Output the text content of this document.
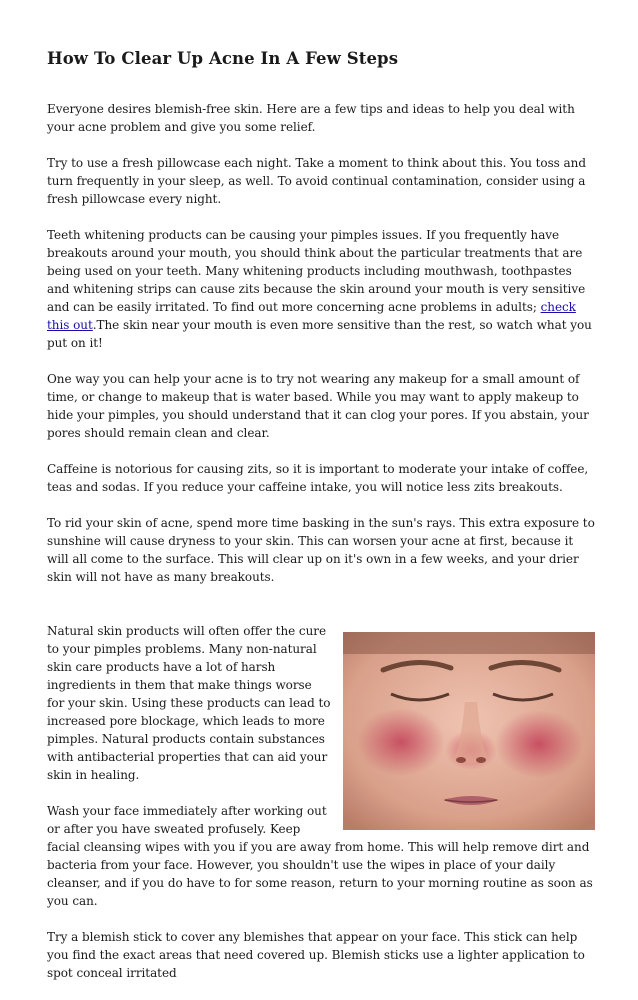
How To Clear Up Acne In A Few Steps

Everyone desires blemish-free skin. Here are a few tips and ideas to help you deal with your acne problem and give you some relief.

Try to use a fresh pillowcase each night. Take a moment to think about this. You toss and turn frequently in your sleep, as well. To avoid continual contamination, consider using a fresh pillowcase every night.

Teeth whitening products can be causing your pimples issues. If you frequently have breakouts around your mouth, you should think about the particular treatments that are being used on your teeth. Many whitening products including mouthwash, toothpastes and whitening strips can cause zits because the skin around your mouth is very sensitive and can be easily irritated. To find out more concerning acne problems in adults; check this out.The skin near your mouth is even more sensitive than the rest, so watch what you put on it!

One way you can help your acne is to try not wearing any makeup for a small amount of time, or change to makeup that is water based. While you may want to apply makeup to hide your pimples, you should understand that it can clog your pores. If you abstain, your pores should remain clean and clear.

Caffeine is notorious for causing zits, so it is important to moderate your intake of coffee, teas and sodas. If you reduce your caffeine intake, you will notice less zits breakouts.

To rid your skin of acne, spend more time basking in the sun's rays. This extra exposure to sunshine will cause dryness to your skin. This can worsen your acne at first, because it will all come to the surface. This will clear up on it's own in a few weeks, and your drier skin will not have as many breakouts.

Natural skin products will often offer the cure to your pimples problems. Many non-natural skin care products have a lot of harsh ingredients in them that make things worse for your skin. Using these products can lead to increased pore blockage, which leads to more pimples. Natural products contain substances with antibacterial properties that can aid your skin in healing.

Wash your face immediately after working out or after you have sweated profusely. Keep facial cleansing wipes with you if you are away from home. This will help remove dirt and bacteria from your face. However, you shouldn't use the wipes in place of your daily cleanser, and if you do have to for some reason, return to your morning routine as soon as you can.

Try a blemish stick to cover any blemishes that appear on your face. This stick can help you find the exact areas that need covered up. Blemish sticks use a lighter application to spot conceal irritated
